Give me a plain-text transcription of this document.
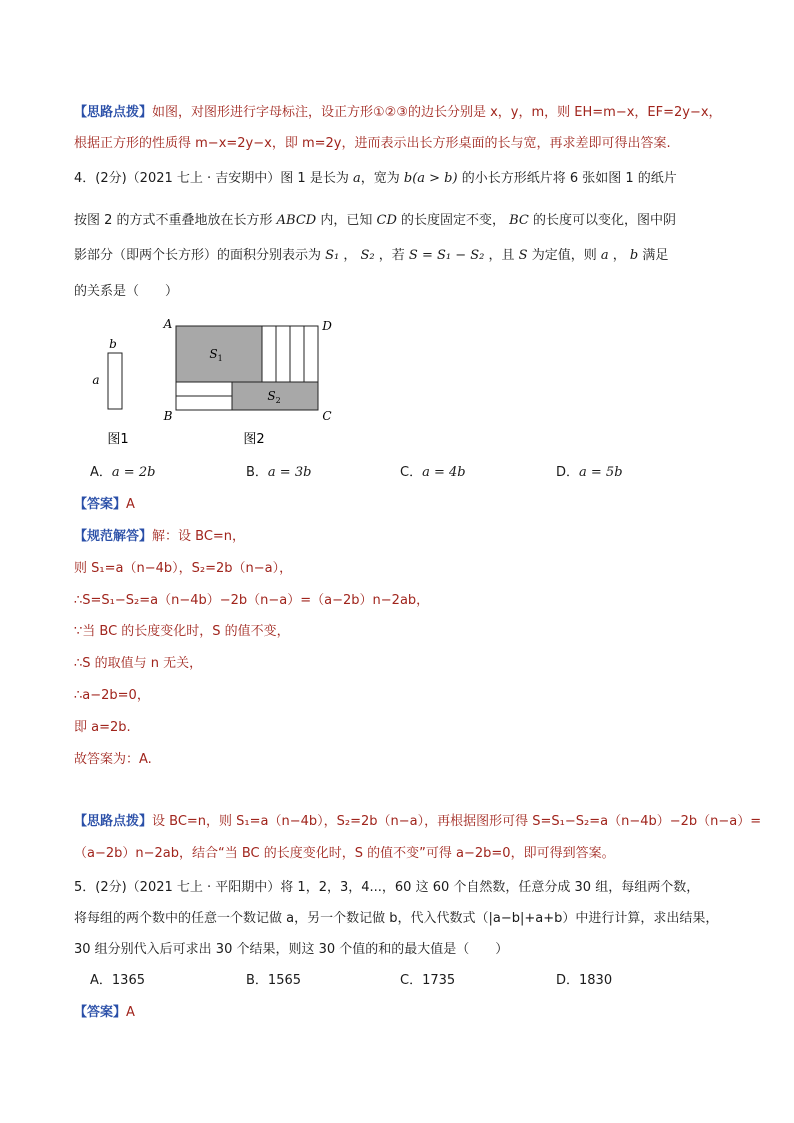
【思路点拨】如图，对图形进行字母标注，设正方形①②③的边长分别是 x，y，m，则 EH=m−x，EF=2y−x，
根据正方形的性质得 m−x=2y−x，即 m=2y，进而表示出长方形桌面的长与宽，再求差即可得出答案.
4．(2分)（2021 七上 · 吉安期中）图 1 是长为 a，宽为 b(a > b) 的小长方形纸片将 6 张如图 1 的纸片
按图 2 的方式不重叠地放在长方形 ABCD 内，已知 CD 的长度固定不变， BC 的长度可以变化，图中阴
影部分（即两个长方形）的面积分别表示为 S₁ ， S₂ ，若 S = S₁ − S₂ ，且 S 为定值，则 a ， b 满足
的关系是（　　）
b
a
图1
A	D
B	C
$S_1$
$S_2$
图2
A．a = 2b	B．a = 3b	C．a = 4b	D．a = 5b
【答案】A
【规范解答】解：设 BC=n，
则 S₁=a（n−4b），S₂=2b（n−a），
∴S=S₁−S₂=a（n−4b）−2b（n−a）=（a−2b）n−2ab，
∵当 BC 的长度变化时，S 的值不变，
∴S 的取值与 n 无关，
∴a−2b=0，
即 a=2b.
故答案为：A.
【思路点拨】设 BC=n，则 S₁=a（n−4b），S₂=2b（n−a），再根据图形可得 S=S₁−S₂=a（n−4b）−2b（n−a）=
（a−2b）n−2ab，结合“当 BC 的长度变化时，S 的值不变”可得 a−2b=0，即可得到答案。
5．(2分)（2021 七上 · 平阳期中）将 1，2，3，4...，60 这 60 个自然数，任意分成 30 组，每组两个数，
将每组的两个数中的任意一个数记做 a，另一个数记做 b，代入代数式（|a−b|+a+b）中进行计算，求出结果，
30 组分别代入后可求出 30 个结果，则这 30 个值的和的最大值是（　　）
A．1365	B．1565	C．1735	D．1830
【答案】A
